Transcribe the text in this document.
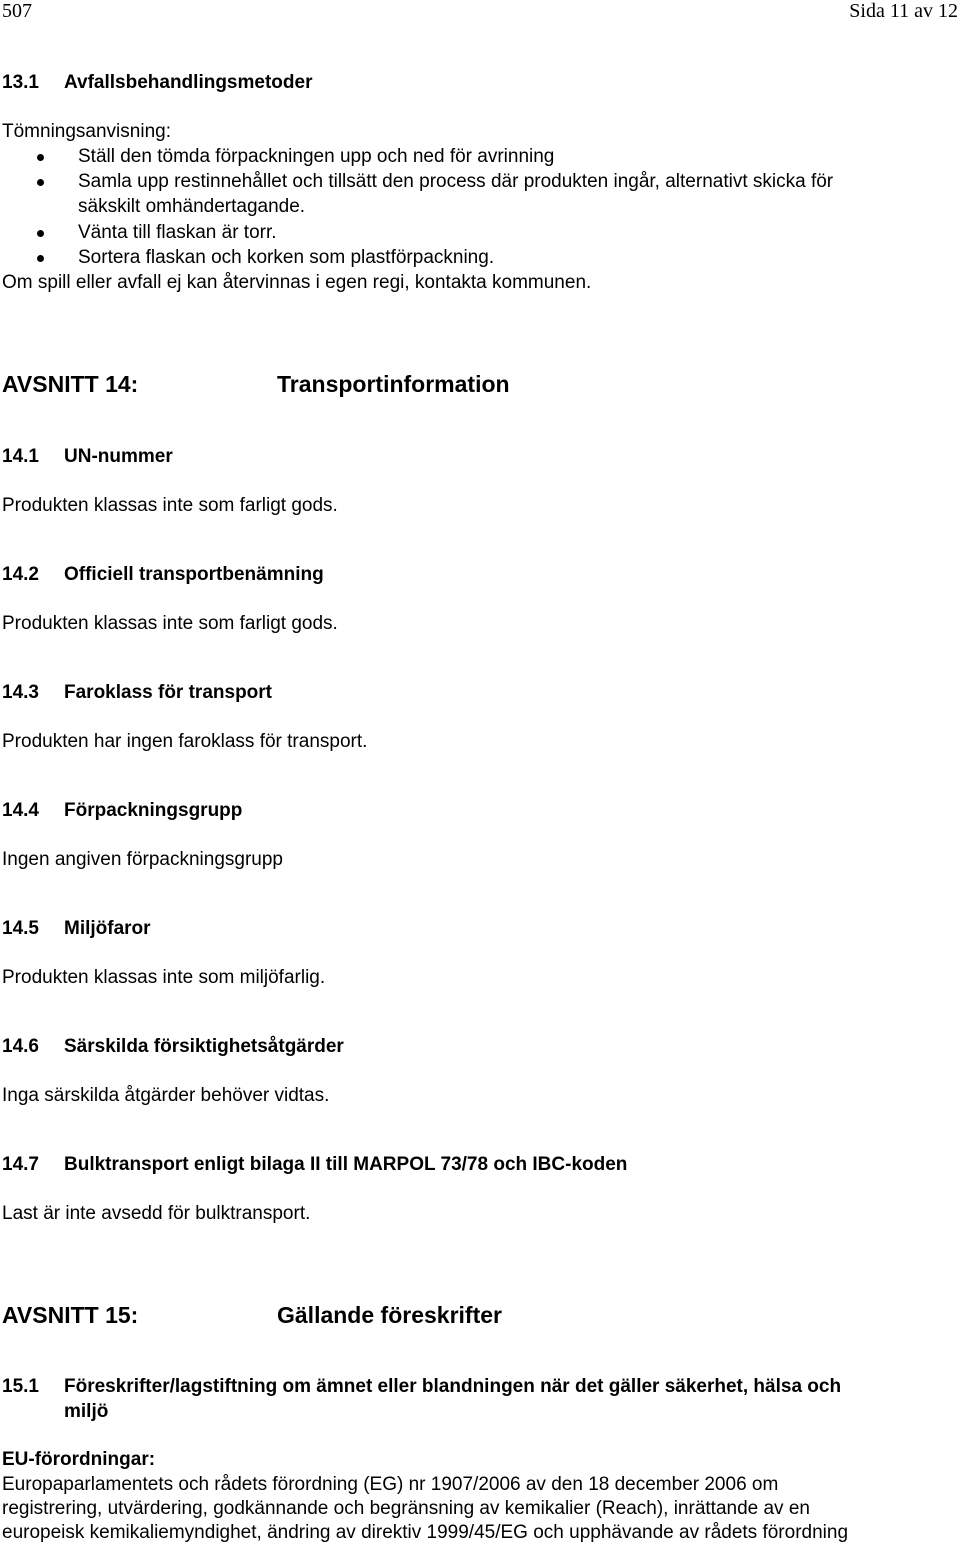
507	Sida 11 av 12
13.1 Avfallsbehandlingsmetoder
Tömningsanvisning:
Ställ den tömda förpackningen upp och ned för avrinning
Samla upp restinnehållet och tillsätt den process där produkten ingår, alternativt skicka för
säkskilt omhändertagande.
Vänta till flaskan är torr.
Sortera flaskan och korken som plastförpackning.
Om spill eller avfall ej kan återvinnas i egen regi, kontakta kommunen.
AVSNITT 14:	Transportinformation
14.1 UN-nummer
Produkten klassas inte som farligt gods.
14.2 Officiell transportbenämning
Produkten klassas inte som farligt gods.
14.3 Faroklass för transport
Produkten har ingen faroklass för transport.
14.4 Förpackningsgrupp
Ingen angiven förpackningsgrupp
14.5 Miljöfaror
Produkten klassas inte som miljöfarlig.
14.6 Särskilda försiktighetsåtgärder
Inga särskilda åtgärder behöver vidtas.
14.7 Bulktransport enligt bilaga II till MARPOL 73/78 och IBC-koden
Last är inte avsedd för bulktransport.
AVSNITT 15:	Gällande föreskrifter
15.1 Föreskrifter/lagstiftning om ämnet eller blandningen när det gäller säkerhet, hälsa och
miljö
EU-förordningar:
Europaparlamentets och rådets förordning (EG) nr 1907/2006 av den 18 december 2006 om
registrering, utvärdering, godkännande och begränsning av kemikalier (Reach), inrättande av en
europeisk kemikaliemyndighet, ändring av direktiv 1999/45/EG och upphävande av rådets förordning
